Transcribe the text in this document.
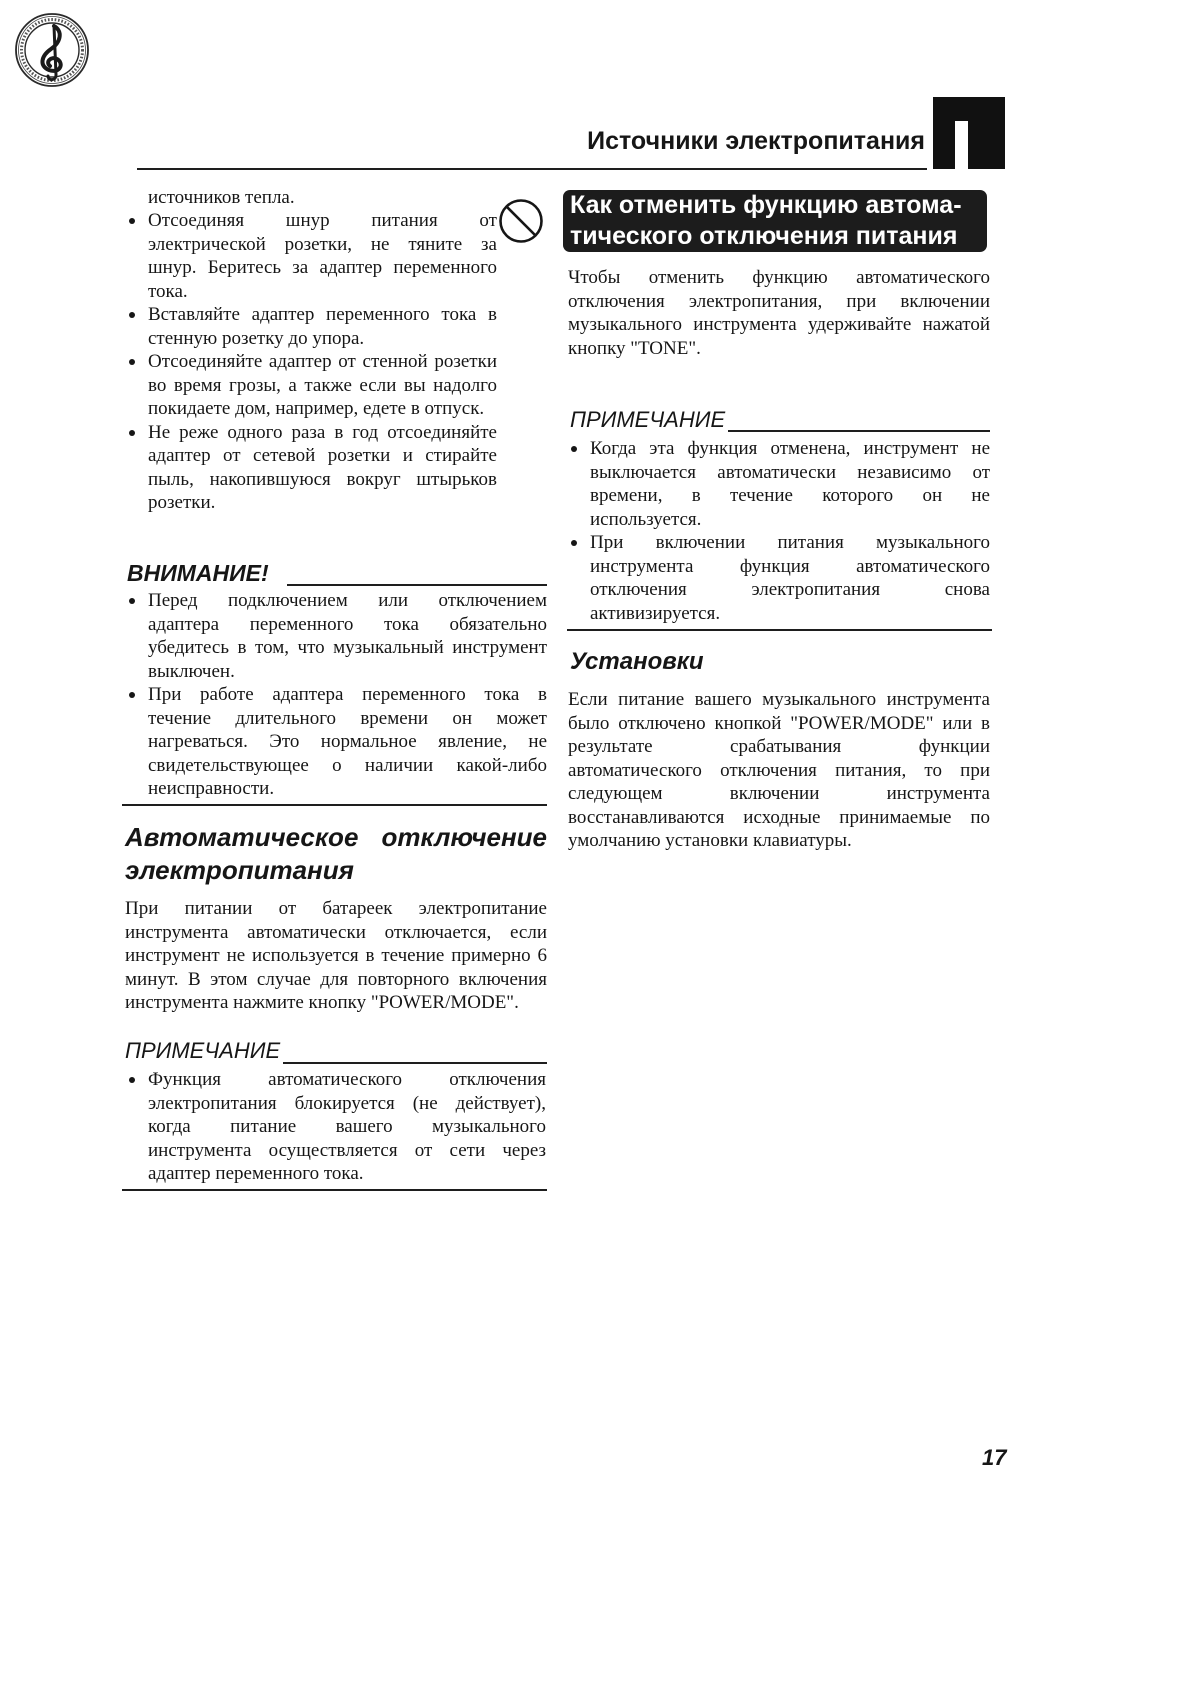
Источники электропитания
источников тепла.
Отсоединяя шнур питания от
электрической розетки, не тяните за
шнур. Беритесь за адаптер переменного
тока.
Вставляйте адаптер переменного тока в
стенную розетку до упора.
Отсоединяйте адаптер от стенной розетки
во время грозы, а также если вы надолго
покидаете дом, например, едете в отпуск.
Не реже одного раза в год отсоединяйте
адаптер от сетевой розетки и стирайте
пыль, накопившуюся вокруг штырьков
розетки.
ВНИМАНИЕ!
Перед подключением или отключением
адаптера переменного тока обязательно
убедитесь в том, что музыкальный инструмент
выключен.
При работе адаптера переменного тока в
течение длительного времени он может
нагреваться. Это нормальное явление, не
свидетельствующее о наличии какой-либо
неисправности.
Автоматическое отключение
электропитания
При питании от батареек электропитание
инструмента автоматически отключается, если
инструмент не используется в течение примерно 6
минут. В этом случае для повторного включения
инструмента нажмите кнопку "POWER/MODE".
ПРИМЕЧАНИЕ
Функция автоматического отключения
электропитания блокируется (не действует),
когда питание вашего музыкального
инструмента осуществляется от сети через
адаптер переменного тока.
Как отменить функцию автома-
тического отключения питания
Чтобы отменить функцию автоматического
отключения электропитания, при включении
музыкального инструмента удерживайте нажатой
кнопку "TONE".
ПРИМЕЧАНИЕ
Когда эта функция отменена, инструмент не
выключается автоматически независимо от
времени, в течение которого он не
используется.
При включении питания музыкального
инструмента функция автоматического
отключения электропитания снова
активизируется.
Установки
Если питание вашего музыкального инструмента
было отключено кнопкой "POWER/MODE" или в
результате срабатывания функции
автоматического отключения питания, то при
следующем включении инструмента
восстанавливаются исходные принимаемые по
умолчанию установки клавиатуры.
17
